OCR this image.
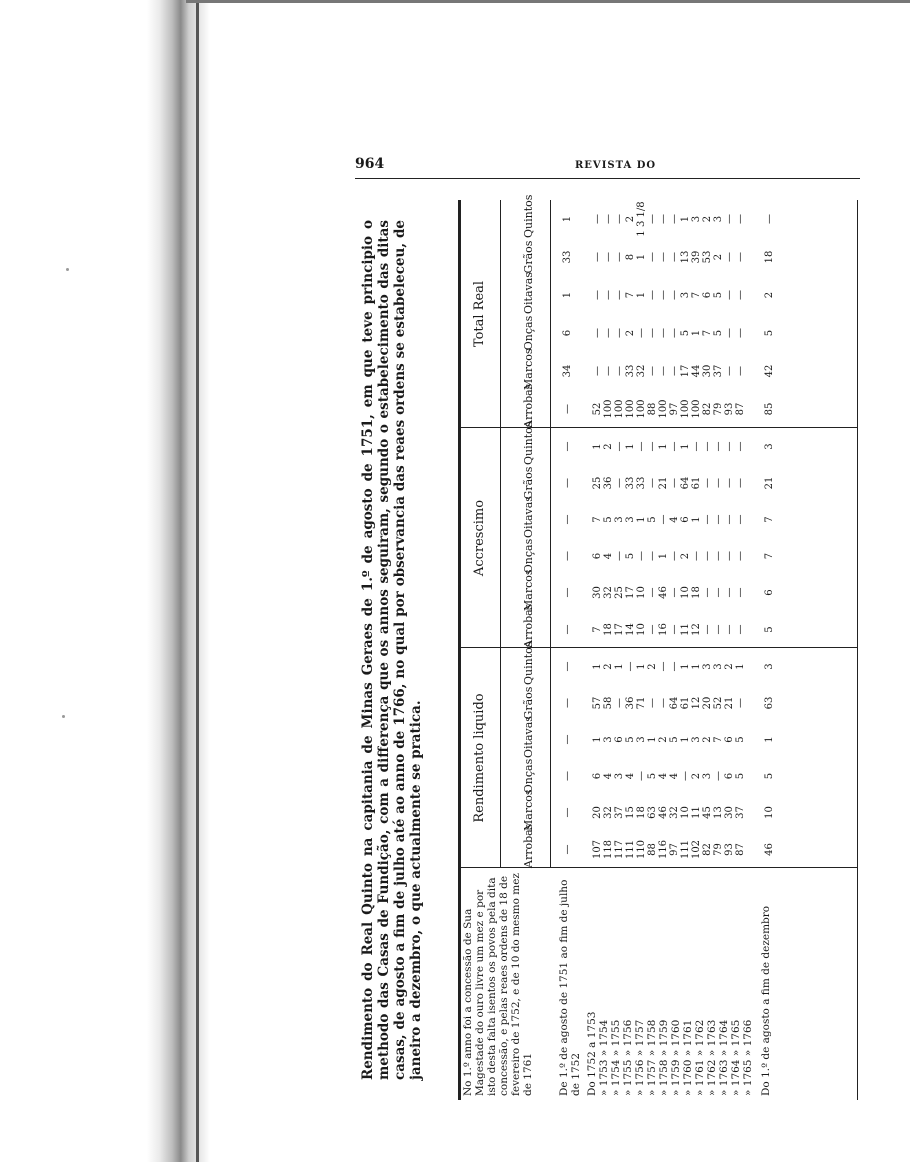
964	REVISTA DO
Rendimento do Real Quinto na capitania de Minas Geraes de 1.º de agosto de 1751, em que teve principio o methodo das Casas de Fundição, com a differença que os annos seguiram, segundo o estabelecimento das ditas casas, de agosto a fim de julho até ao anno de 1766, no qual por observancia das reaes ordens se estabeleceu, de janeiro a dezembro, o que actualmente se pratica.	Rendimento liquido
Accrescimo
Total Real
Arrobas
Marcos
Onças
Oitavas
Grãos
Quintos
Arrobas
Marcos
Onças
Oitavas
Grãos
Quintos
Arrobas
Marcos
Onças
Oitavas
Grãos
Quintos
No 1.º anno foi a concessão de Sua Magestade do ouro livre um mez e por isto desta falta isentos os povos pela dita concessão, e pelas reaes ordens de 18 de fevereiro de 1752, e de 10 do mesmo mez de 1761 De 1.º de agosto de 1751 ao fim de julho de 1752 Do 1752 a 1753
» 1753 » 1754
» 1754 » 1755
» 1755 » 1756
» 1756 » 1757
» 1757 » 1758
» 1758 » 1759
» 1759 » 1760
» 1760 » 1761
» 1761 » 1762
» 1762 » 1763
» 1763 » 1764
» 1764 » 1765
» 1765 » 1766 Do 1.º de agosto a fim de dezembro
—
—
—
—
—
—
—
—
—
—
—
—
—
34
6
1
33
1
107
118
117
111
110
88
116
97
111
102
82
79
93
87
20
32
37
15
18
63
46
32
10
11
45
13
30
37
6
4
3
4
—
5
4
4
—
2
3
—
6
5
1
3
6
5
3
1
2
5
1
3
2
7
6
5
57
58
—
36
71
—
—
64
61
12
20
52
21
—
1
2
1
—
1
2
—
—
1
1
3
3
2
1
7
18
17
14
10
—
16
—
11
12
—
—
—
—
30
32
25
17
10
—
46
—
10
18
—
—
—
—
6
4
—
5
—
—
1
—
2
—
—
—
—
—
7
5
3
3
1
5
—
4
6
1
—
—
—
—
25
36
—
33
33
—
21
—
64
61
—
—
—
—
1
2
—
1
—
—
1
—
1
—
—
—
—
—
52
100
100
100
100
88
100
97
100
100
82
79
93
87
—
—
—
33
32
—
—
—
17
44
30
37
—
—
—
—
—
2
—
—
—
—
5
1
7
5
—
—
—
—
—
7
1
—
—
—
3
7
6
5
—
—
—
—
—
8
1
—
—
—
13
39
53
2
—
—
—
—
—
2
1 3 1/8
—
—
—
1
3
2
3
—
—
46
10
5
1
63
3
5
6
7
7
21
3
85
42
5
2
18
—
